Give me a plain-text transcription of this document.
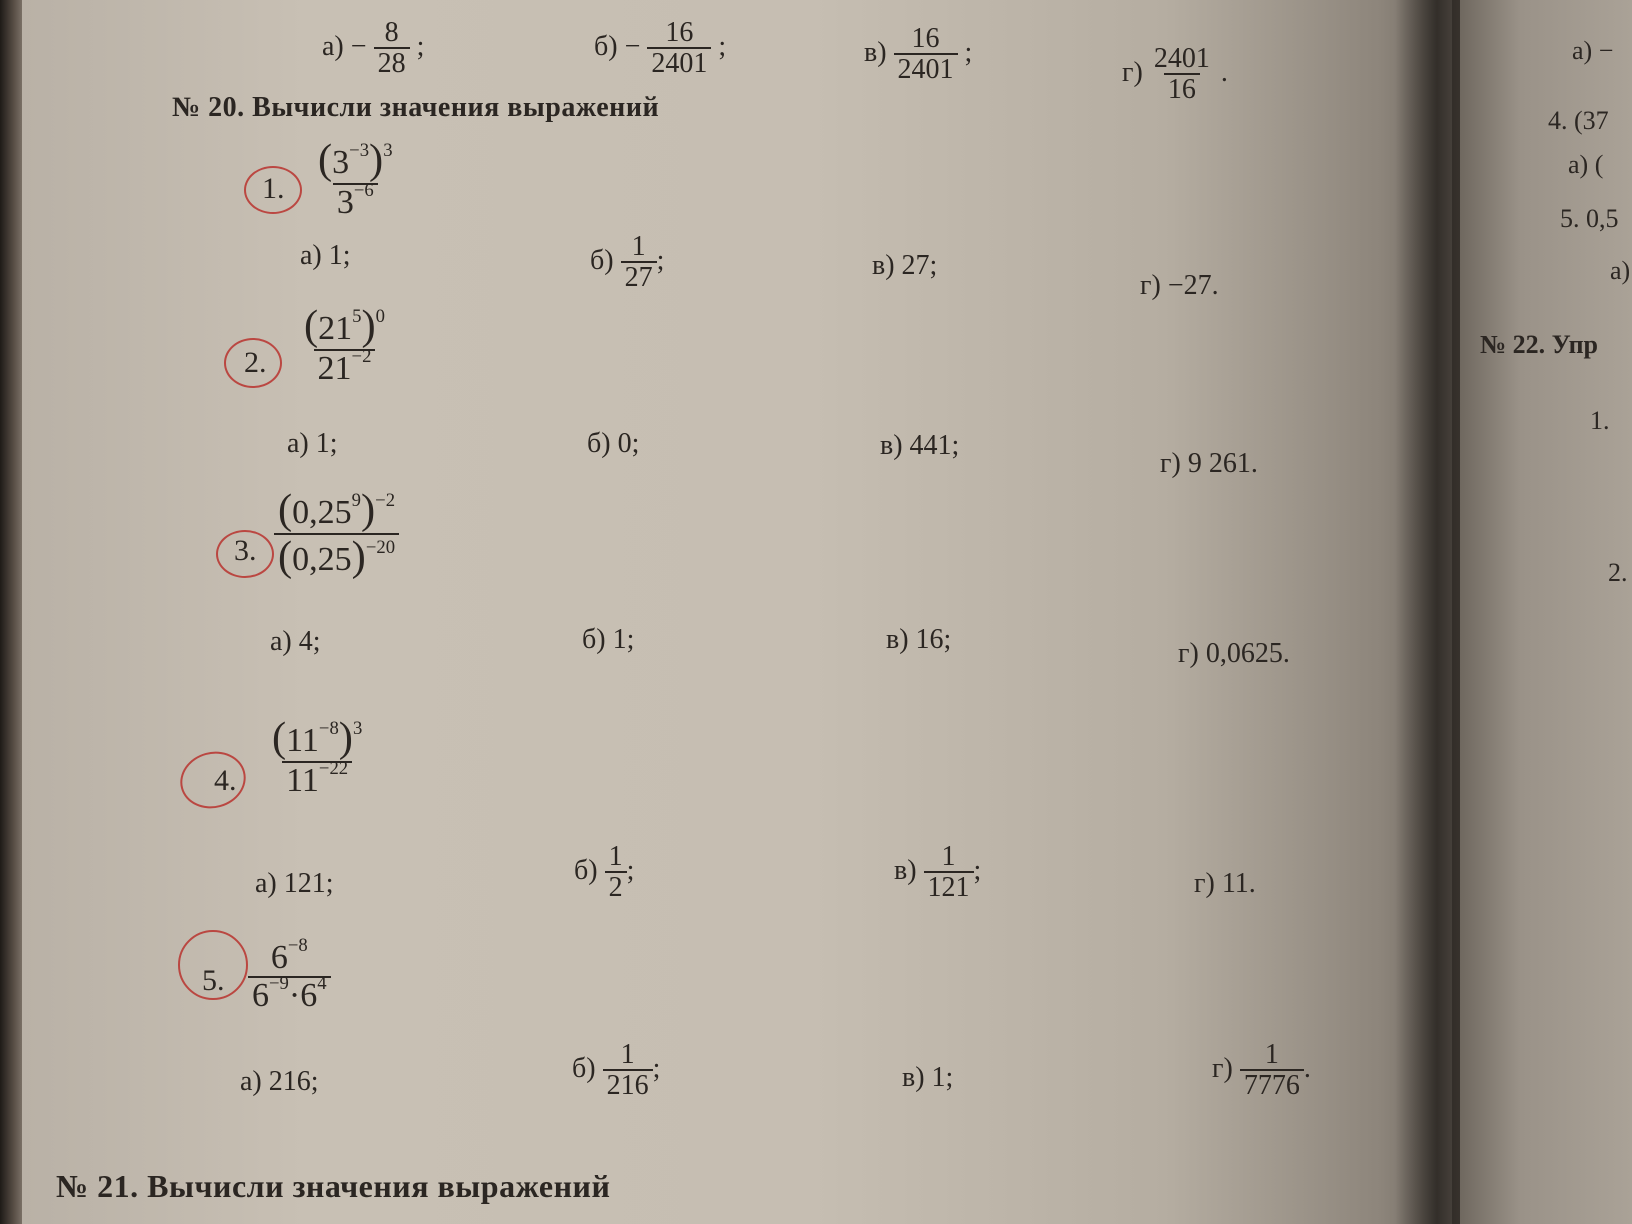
$а) - \frac{8}{28}$ ;	$б) - \frac{16}{2401}$ ;	$в) \frac{16}{2401}$ ;
$г) \frac{2401}{16}$ .
№ 20. Вычисли значения выражений
1. $\frac{(3^{-3})^3}{3^{-6}}$
а) 1;	$б) \frac{1}{27}$ ;	в) 27;
г) −27.
2. $\frac{(21^5)^0}{21^{-2}}$
а) 1;	б) 0;	в) 441;
г) 9 261.
3. $\frac{(0,25^9)^{-2}}{(0,25)^{-20}}$
а) 4;	б) 1;	в) 16;	г) 0,0625.
4. $\frac{(11^{-8})^3}{11^{-22}}$
а) 121;	$б) \frac{1}{2}$ ;	$в) \frac{1}{121}$ ;	г) 11.
5. $\frac{6^{-8}}{6^{-9}\cdot 6^4}$
а) 216;	$б) \frac{1}{216}$ ;	в) 1;	$г) \frac{1}{7776}$ .
№ 21. Вычисли значения выражений
а) −
4. (37
а) (
5. 0,5
а)
№ 22. Упр
1.
2.
